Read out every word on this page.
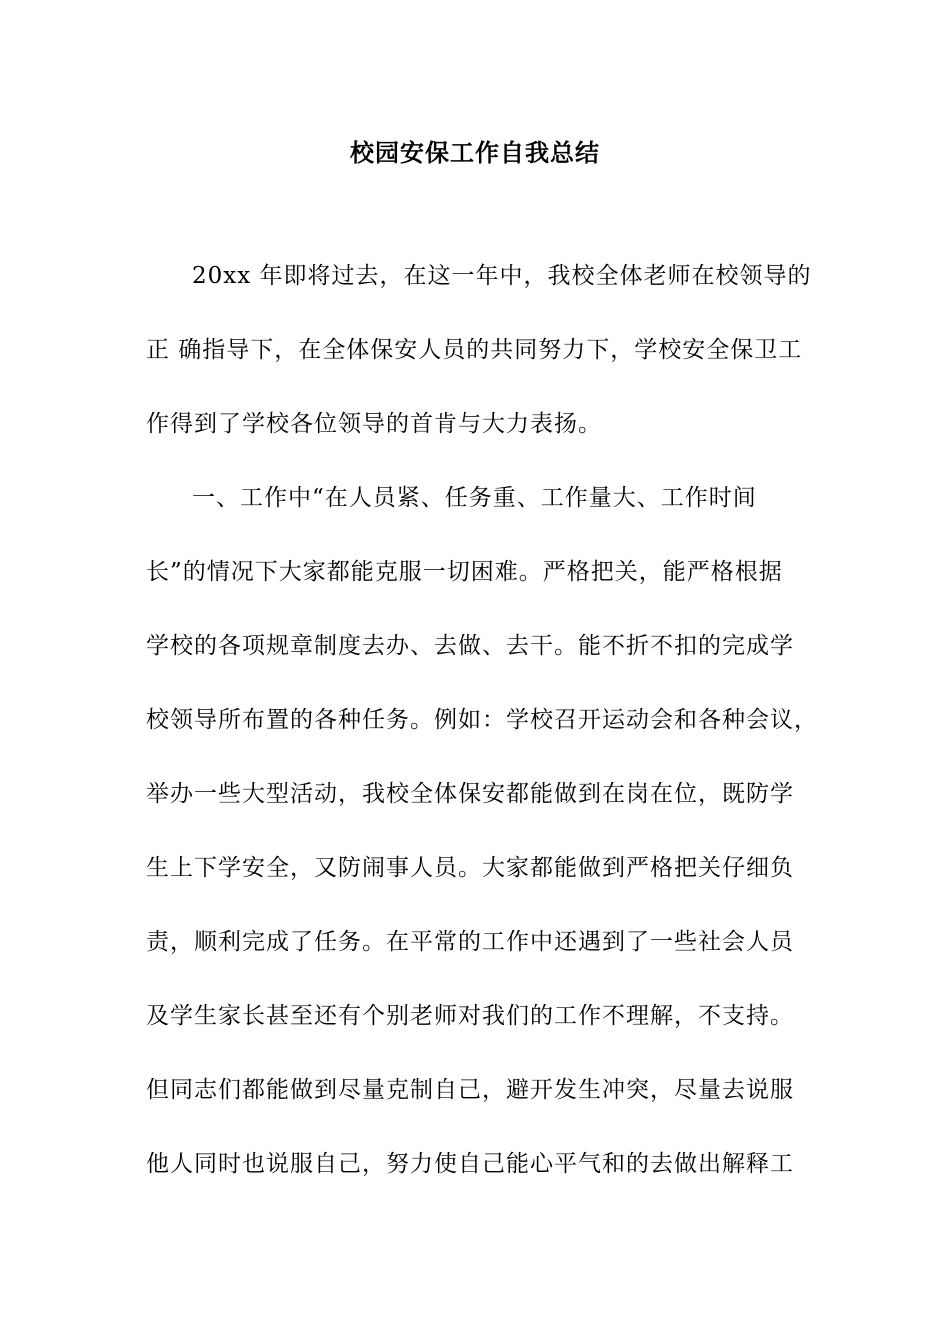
校园安保工作自我总结
20xx 年即将过去，在这一年中，我校全体老师在校领导的
正 确指导下，在全体保安人员的共同努力下，学校安全保卫工
作得到了学校各位领导的首肯与大力表扬。
一、工作中“在人员紧、任务重、工作量大、工作时间
长”的情况下大家都能克服一切困难。严格把关，能严格根据
学校的各项规章制度去办、去做、去干。能不折不扣的完成学
校领导所布置的各种任务。例如：学校召开运动会和各种会议，
举办一些大型活动，我校全体保安都能做到在岗在位，既防学
生上下学安全，又防闹事人员。大家都能做到严格把关仔细负
责，顺利完成了任务。在平常的工作中还遇到了一些社会人员
及学生家长甚至还有个别老师对我们的工作不理解，不支持。
但同志们都能做到尽量克制自己，避开发生冲突，尽量去说服
他人同时也说服自己，努力使自己能心平气和的去做出解释工
